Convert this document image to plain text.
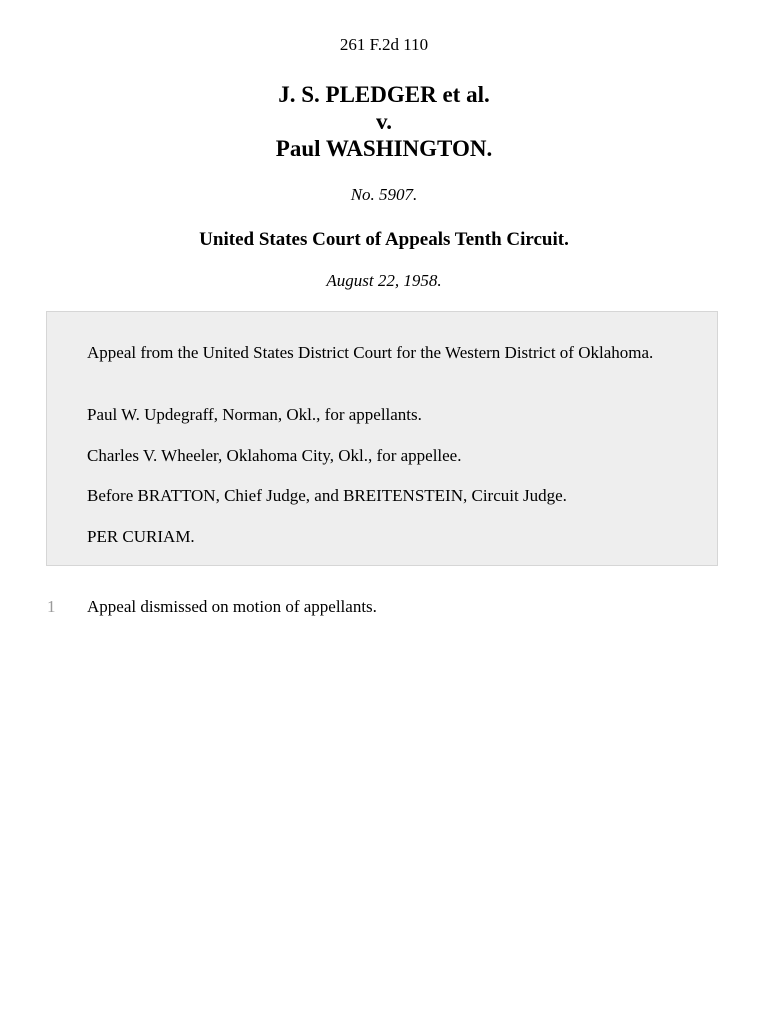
261 F.2d 110
J. S. PLEDGER et al.
v.
Paul WASHINGTON.
No. 5907.
United States Court of Appeals Tenth Circuit.
August 22, 1958.

Appeal from the United States District Court for the Western District of Oklahoma.

Paul W. Updegraff, Norman, Okl., for appellants.

Charles V. Wheeler, Oklahoma City, Okl., for appellee.

Before BRATTON, Chief Judge, and BREITENSTEIN, Circuit Judge.

PER CURIAM.

1 Appeal dismissed on motion of appellants.
